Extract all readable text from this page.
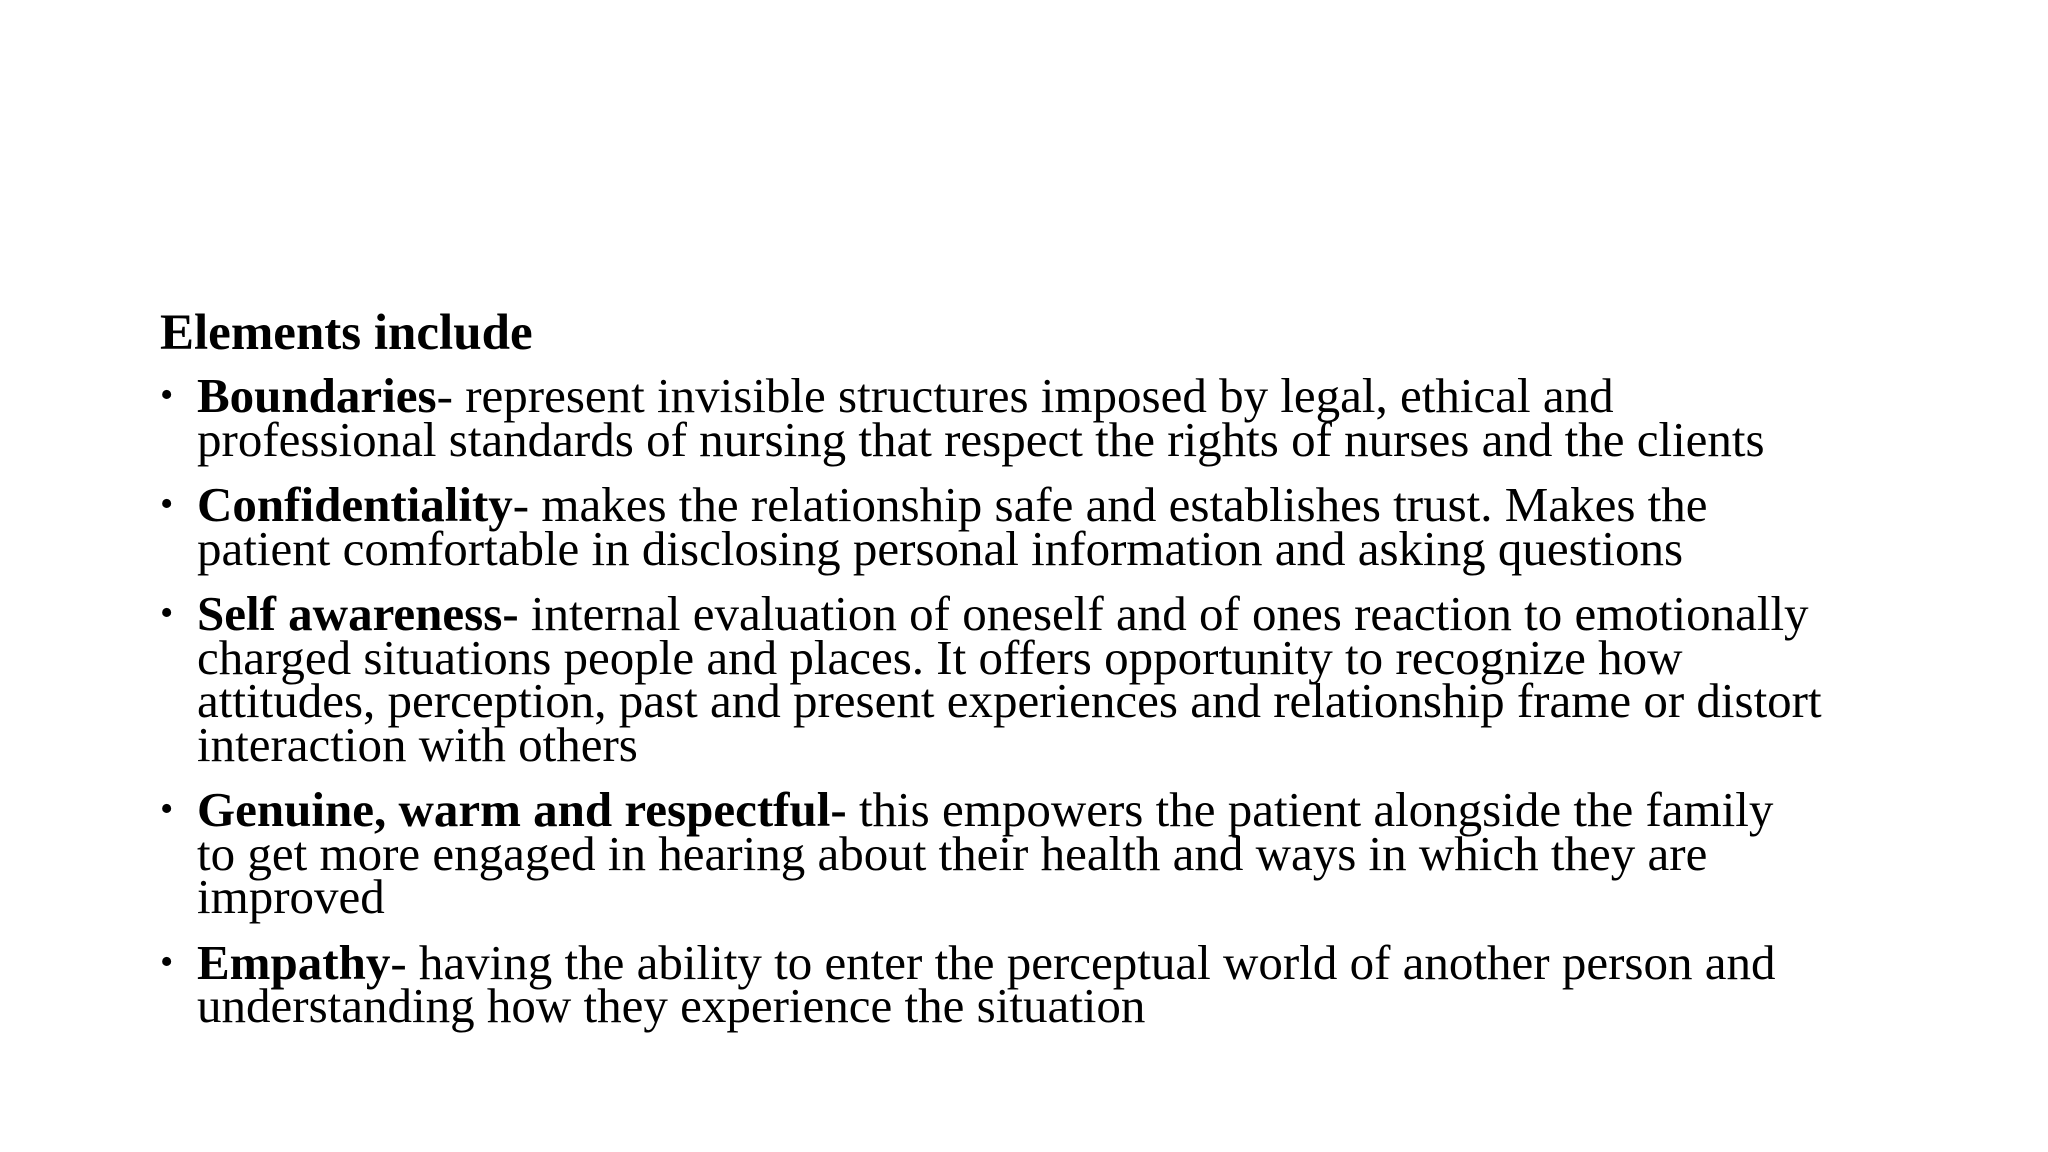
Elements include
• Boundaries- represent invisible structures imposed by legal, ethical and
professional standards of nursing that respect the rights of nurses and the clients
• Confidentiality- makes the relationship safe and establishes trust. Makes the
patient comfortable in disclosing personal information and asking questions
• Self awareness- internal evaluation of oneself and of ones reaction to emotionally
charged situations people and places. It offers opportunity to recognize how
attitudes, perception, past and present experiences and relationship frame or distort
interaction with others
• Genuine, warm and respectful- this empowers the patient alongside the family
to get more engaged in hearing about their health and ways in which they are
improved
• Empathy- having the ability to enter the perceptual world of another person and
understanding how they experience the situation
